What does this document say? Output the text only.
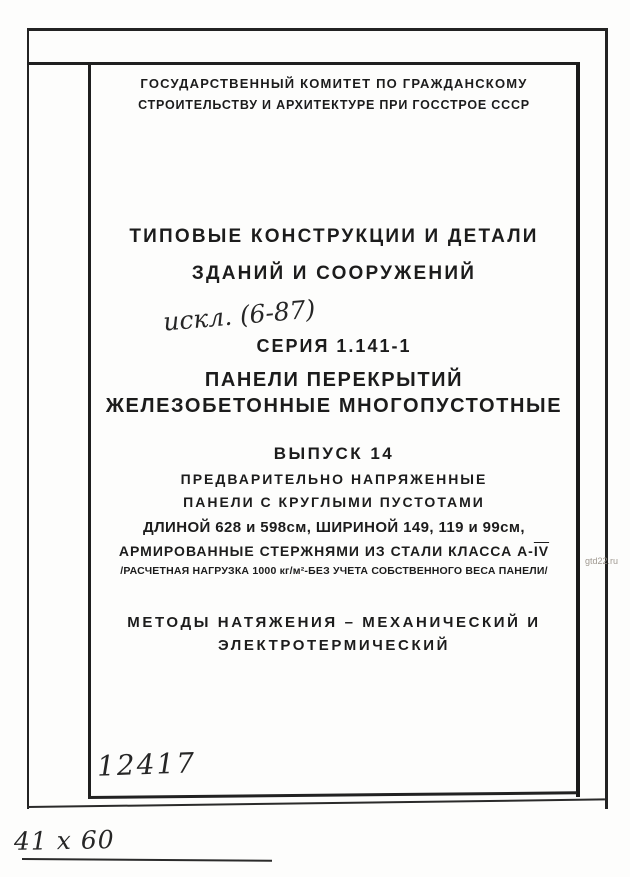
ГОСУДАРСТВЕННЫЙ КОМИТЕТ ПО ГРАЖДАНСКОМУ
СТРОИТЕЛЬСТВУ И АРХИТЕКТУРЕ ПРИ ГОССТРОЕ СССР
ТИПОВЫЕ КОНСТРУКЦИИ И ДЕТАЛИ
ЗДАНИЙ И СООРУЖЕНИЙ
искл. (6-87)
СЕРИЯ 1.141-1
ПАНЕЛИ ПЕРЕКРЫТИЙ
ЖЕЛЕЗОБЕТОННЫЕ МНОГОПУСТОТНЫЕ
ВЫПУСК 14
ПРЕДВАРИТЕЛЬНО НАПРЯЖЕННЫЕ
ПАНЕЛИ С КРУГЛЫМИ ПУСТОТАМИ
ДЛИНОЙ 628 и 598см, ШИРИНОЙ 149, 119 и 99см,
АРМИРОВАННЫЕ СТЕРЖНЯМИ ИЗ СТАЛИ КЛАССА $А-\overline{IV}$
/РАСЧЕТНАЯ НАГРУЗКА 1000 кг/м²-БЕЗ УЧЕТА СОБСТВЕННОГО ВЕСА ПАНЕЛИ/
МЕТОДЫ НАТЯЖЕНИЯ – МЕХАНИЧЕСКИЙ И
ЭЛЕКТРОТЕРМИЧЕСКИЙ
12417
41 х 60
gtd22.ru
